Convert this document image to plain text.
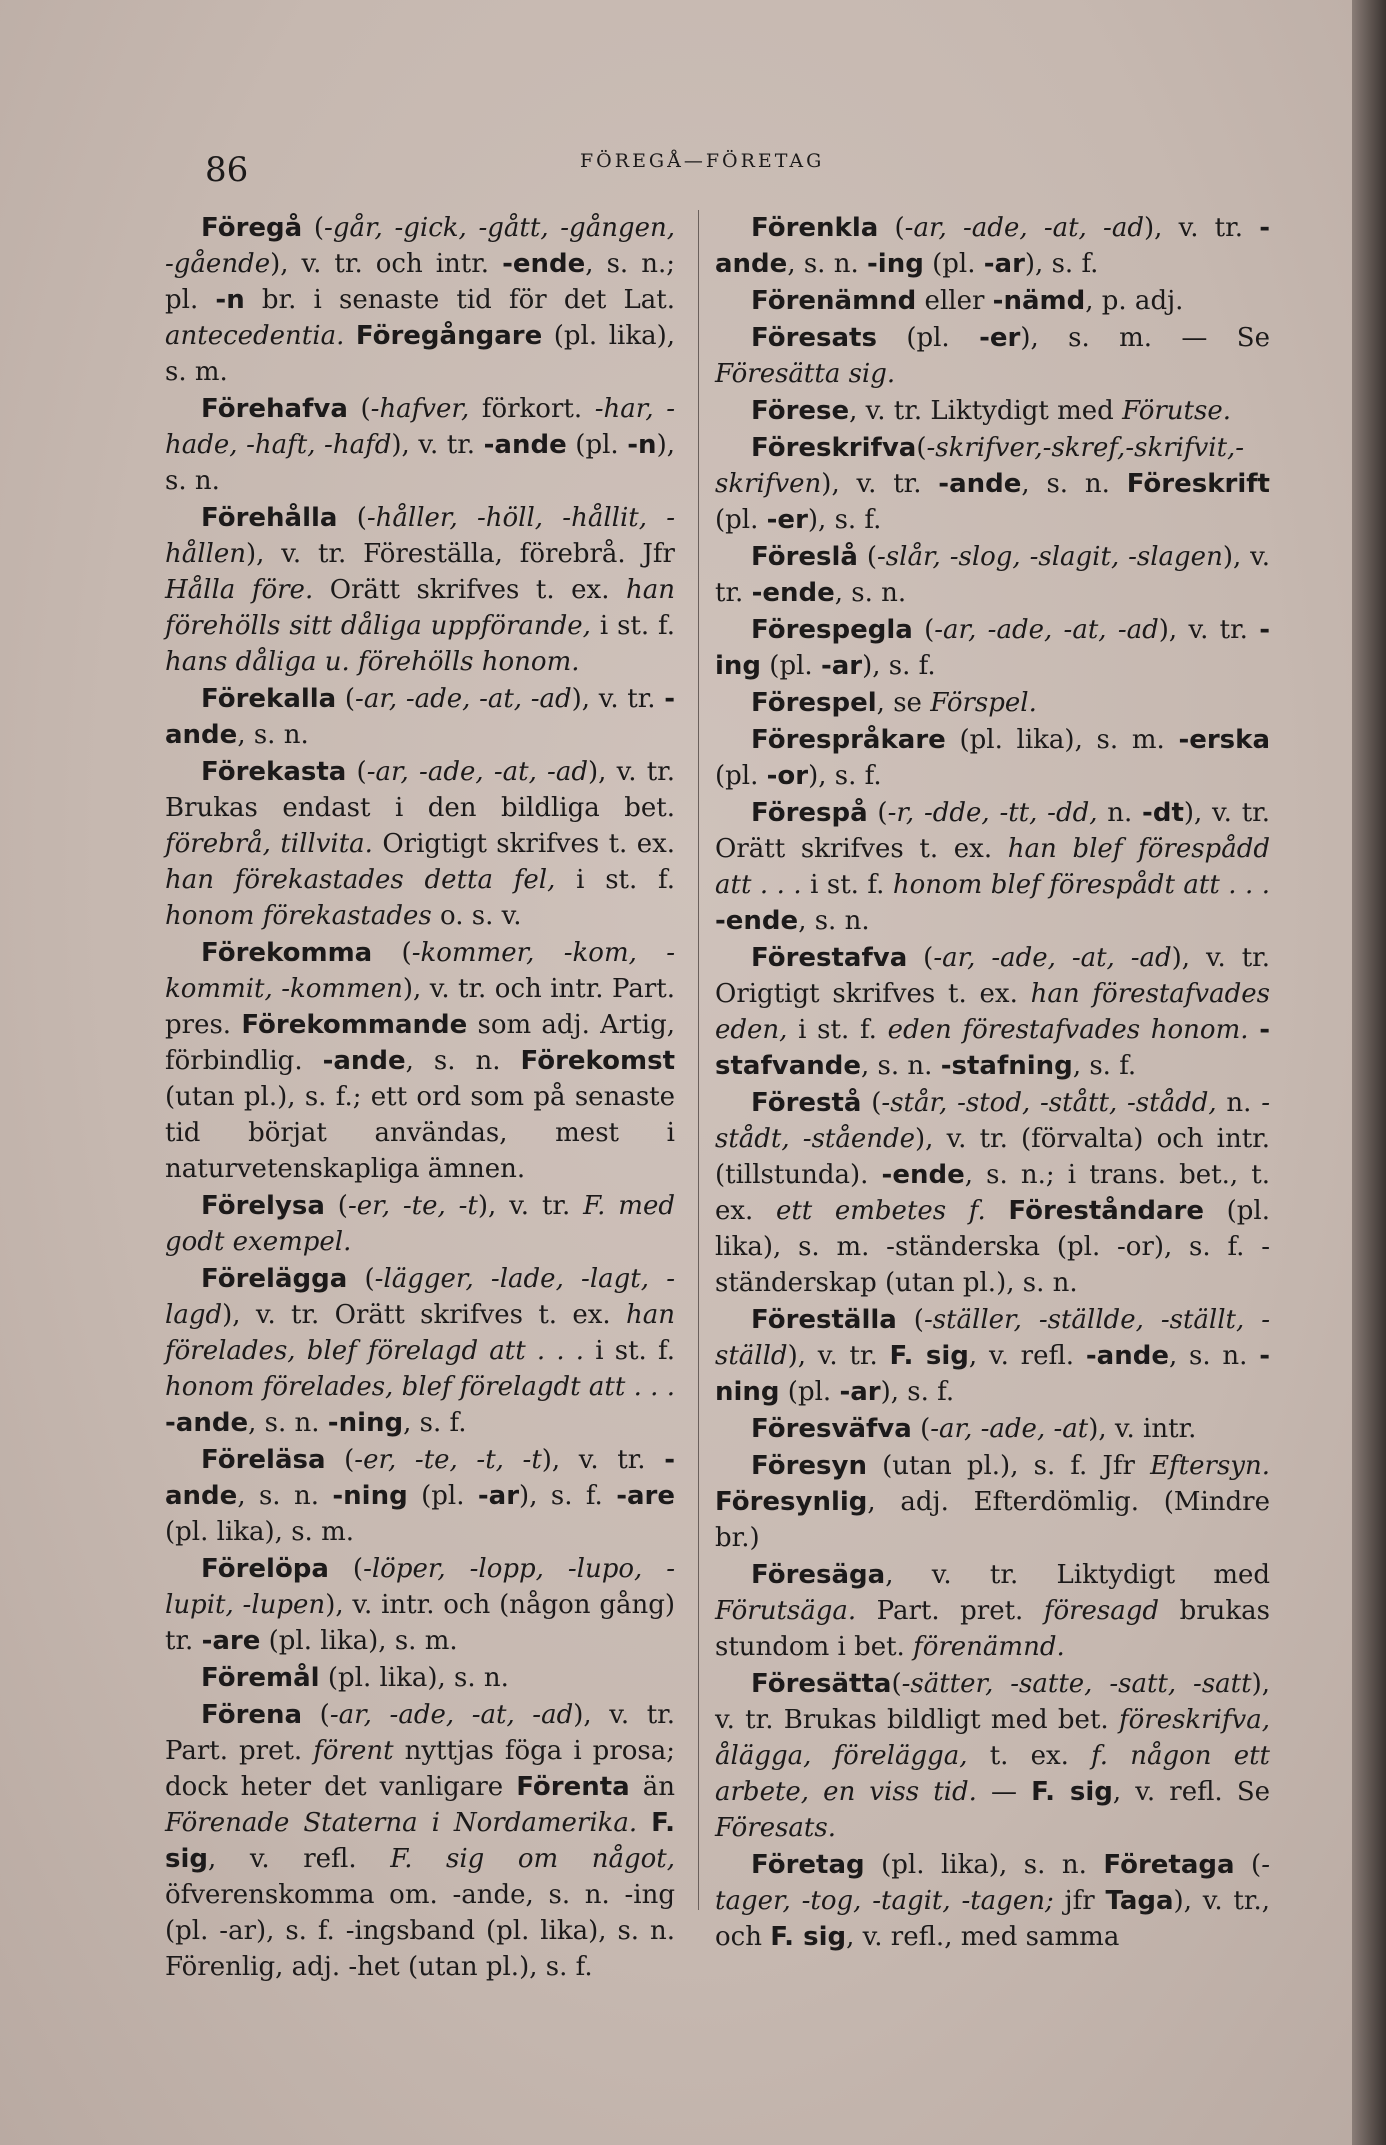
86	FÖREGÅ—FÖRETAG

Föregå (-går, -gick, -gått, -gången, -gående), v. tr. och intr. -ende, s. n.; pl. -n br. i senaste tid för det Lat. antecedentia. Föregångare (pl. lika), s. m.

Förehafva (-hafver, förkort. -har, -hade, -haft, -hafd), v. tr. -ande (pl. -n), s. n.

Förehålla (-håller, -höll, -hållit, -hållen), v. tr. Föreställa, förebrå. Jfr Hålla före. Orätt skrifves t. ex. han förehölls sitt dåliga uppförande, i st. f. hans dåliga u. förehölls honom.

Förekalla (-ar, -ade, -at, -ad), v. tr. -ande, s. n.

Förekasta (-ar, -ade, -at, -ad), v. tr. Brukas endast i den bildliga bet. förebrå, tillvita. Origtigt skrifves t. ex. han förekastades detta fel, i st. f. honom förekastades o. s. v.

Förekomma (-kommer, -kom, -kommit, -kommen), v. tr. och intr. Part. pres. Förekommande som adj. Artig, förbindlig. -ande, s. n. Förekomst (utan pl.), s. f.; ett ord som på senaste tid börjat användas, mest i naturvetenskapliga ämnen.

Förelysa (-er, -te, -t), v. tr. F. med godt exempel.

Förelägga (-lägger, -lade, -lagt, -lagd), v. tr. Orätt skrifves t. ex. han förelades, blef förelagd att . . . i st. f. honom förelades, blef förelagdt att . . . -ande, s. n. -ning, s. f.

Föreläsa (-er, -te, -t, -t), v. tr. -ande, s. n. -ning (pl. -ar), s. f. -are (pl. lika), s. m.

Förelöpa (-löper, -lopp, -lupo, -lupit, -lupen), v. intr. och (någon gång) tr. -are (pl. lika), s. m.

Föremål (pl. lika), s. n.

Förena (-ar, -ade, -at, -ad), v. tr. Part. pret. förent nyttjas föga i prosa; dock heter det vanligare Förenta än Förenade Staterna i Nordamerika. F. sig, v. refl. F. sig om något, öfverenskomma om. -ande, s. n. -ing (pl. -ar), s. f. -ingsband (pl. lika), s. n. Förenlig, adj. -het (utan pl.), s. f.

Förenkla (-ar, -ade, -at, -ad), v. tr. -ande, s. n. -ing (pl. -ar), s. f.

Förenämnd eller -nämd, p. adj.

Föresats (pl. -er), s. m. — Se Föresätta sig.

Förese, v. tr. Liktydigt med Förutse.

Föreskrifva(-skrifver,-skref,-skrifvit,-skrifven), v. tr. -ande, s. n. Föreskrift (pl. -er), s. f.

Föreslå (-slår, -slog, -slagit, -slagen), v. tr. -ende, s. n.

Förespegla (-ar, -ade, -at, -ad), v. tr. -ing (pl. -ar), s. f.

Förespel, se Förspel.

Förespråkare (pl. lika), s. m. -erska (pl. -or), s. f.

Förespå (-r, -dde, -tt, -dd, n. -dt), v. tr. Orätt skrifves t. ex. han blef förespådd att . . . i st. f. honom blef förespådt att . . . -ende, s. n.

Förestafva (-ar, -ade, -at, -ad), v. tr. Origtigt skrifves t. ex. han förestafvades eden, i st. f. eden förestafvades honom. -stafvande, s. n. -stafning, s. f.

Förestå (-står, -stod, -stått, -stådd, n. -stådt, -stående), v. tr. (förvalta) och intr. (tillstunda). -ende, s. n.; i trans. bet., t. ex. ett embetes f. Föreståndare (pl. lika), s. m. -ständerska (pl. -or), s. f. -ständerskap (utan pl.), s. n.

Föreställa (-ställer, -ställde, -ställt, -ställd), v. tr. F. sig, v. refl. -ande, s. n. -ning (pl. -ar), s. f.

Föresväfva (-ar, -ade, -at), v. intr.

Föresyn (utan pl.), s. f. Jfr Eftersyn. Föresynlig, adj. Efterdömlig. (Mindre br.)

Föresäga, v. tr. Liktydigt med Förutsäga. Part. pret. föresagd brukas stundom i bet. förenämnd.

Föresätta(-sätter, -satte, -satt, -satt), v. tr. Brukas bildligt med bet. föreskrifva, ålägga, förelägga, t. ex. f. någon ett arbete, en viss tid. — F. sig, v. refl. Se Föresats.

Företag (pl. lika), s. n. Företaga (-tager, -tog, -tagit, -tagen; jfr Taga), v. tr., och F. sig, v. refl., med samma
